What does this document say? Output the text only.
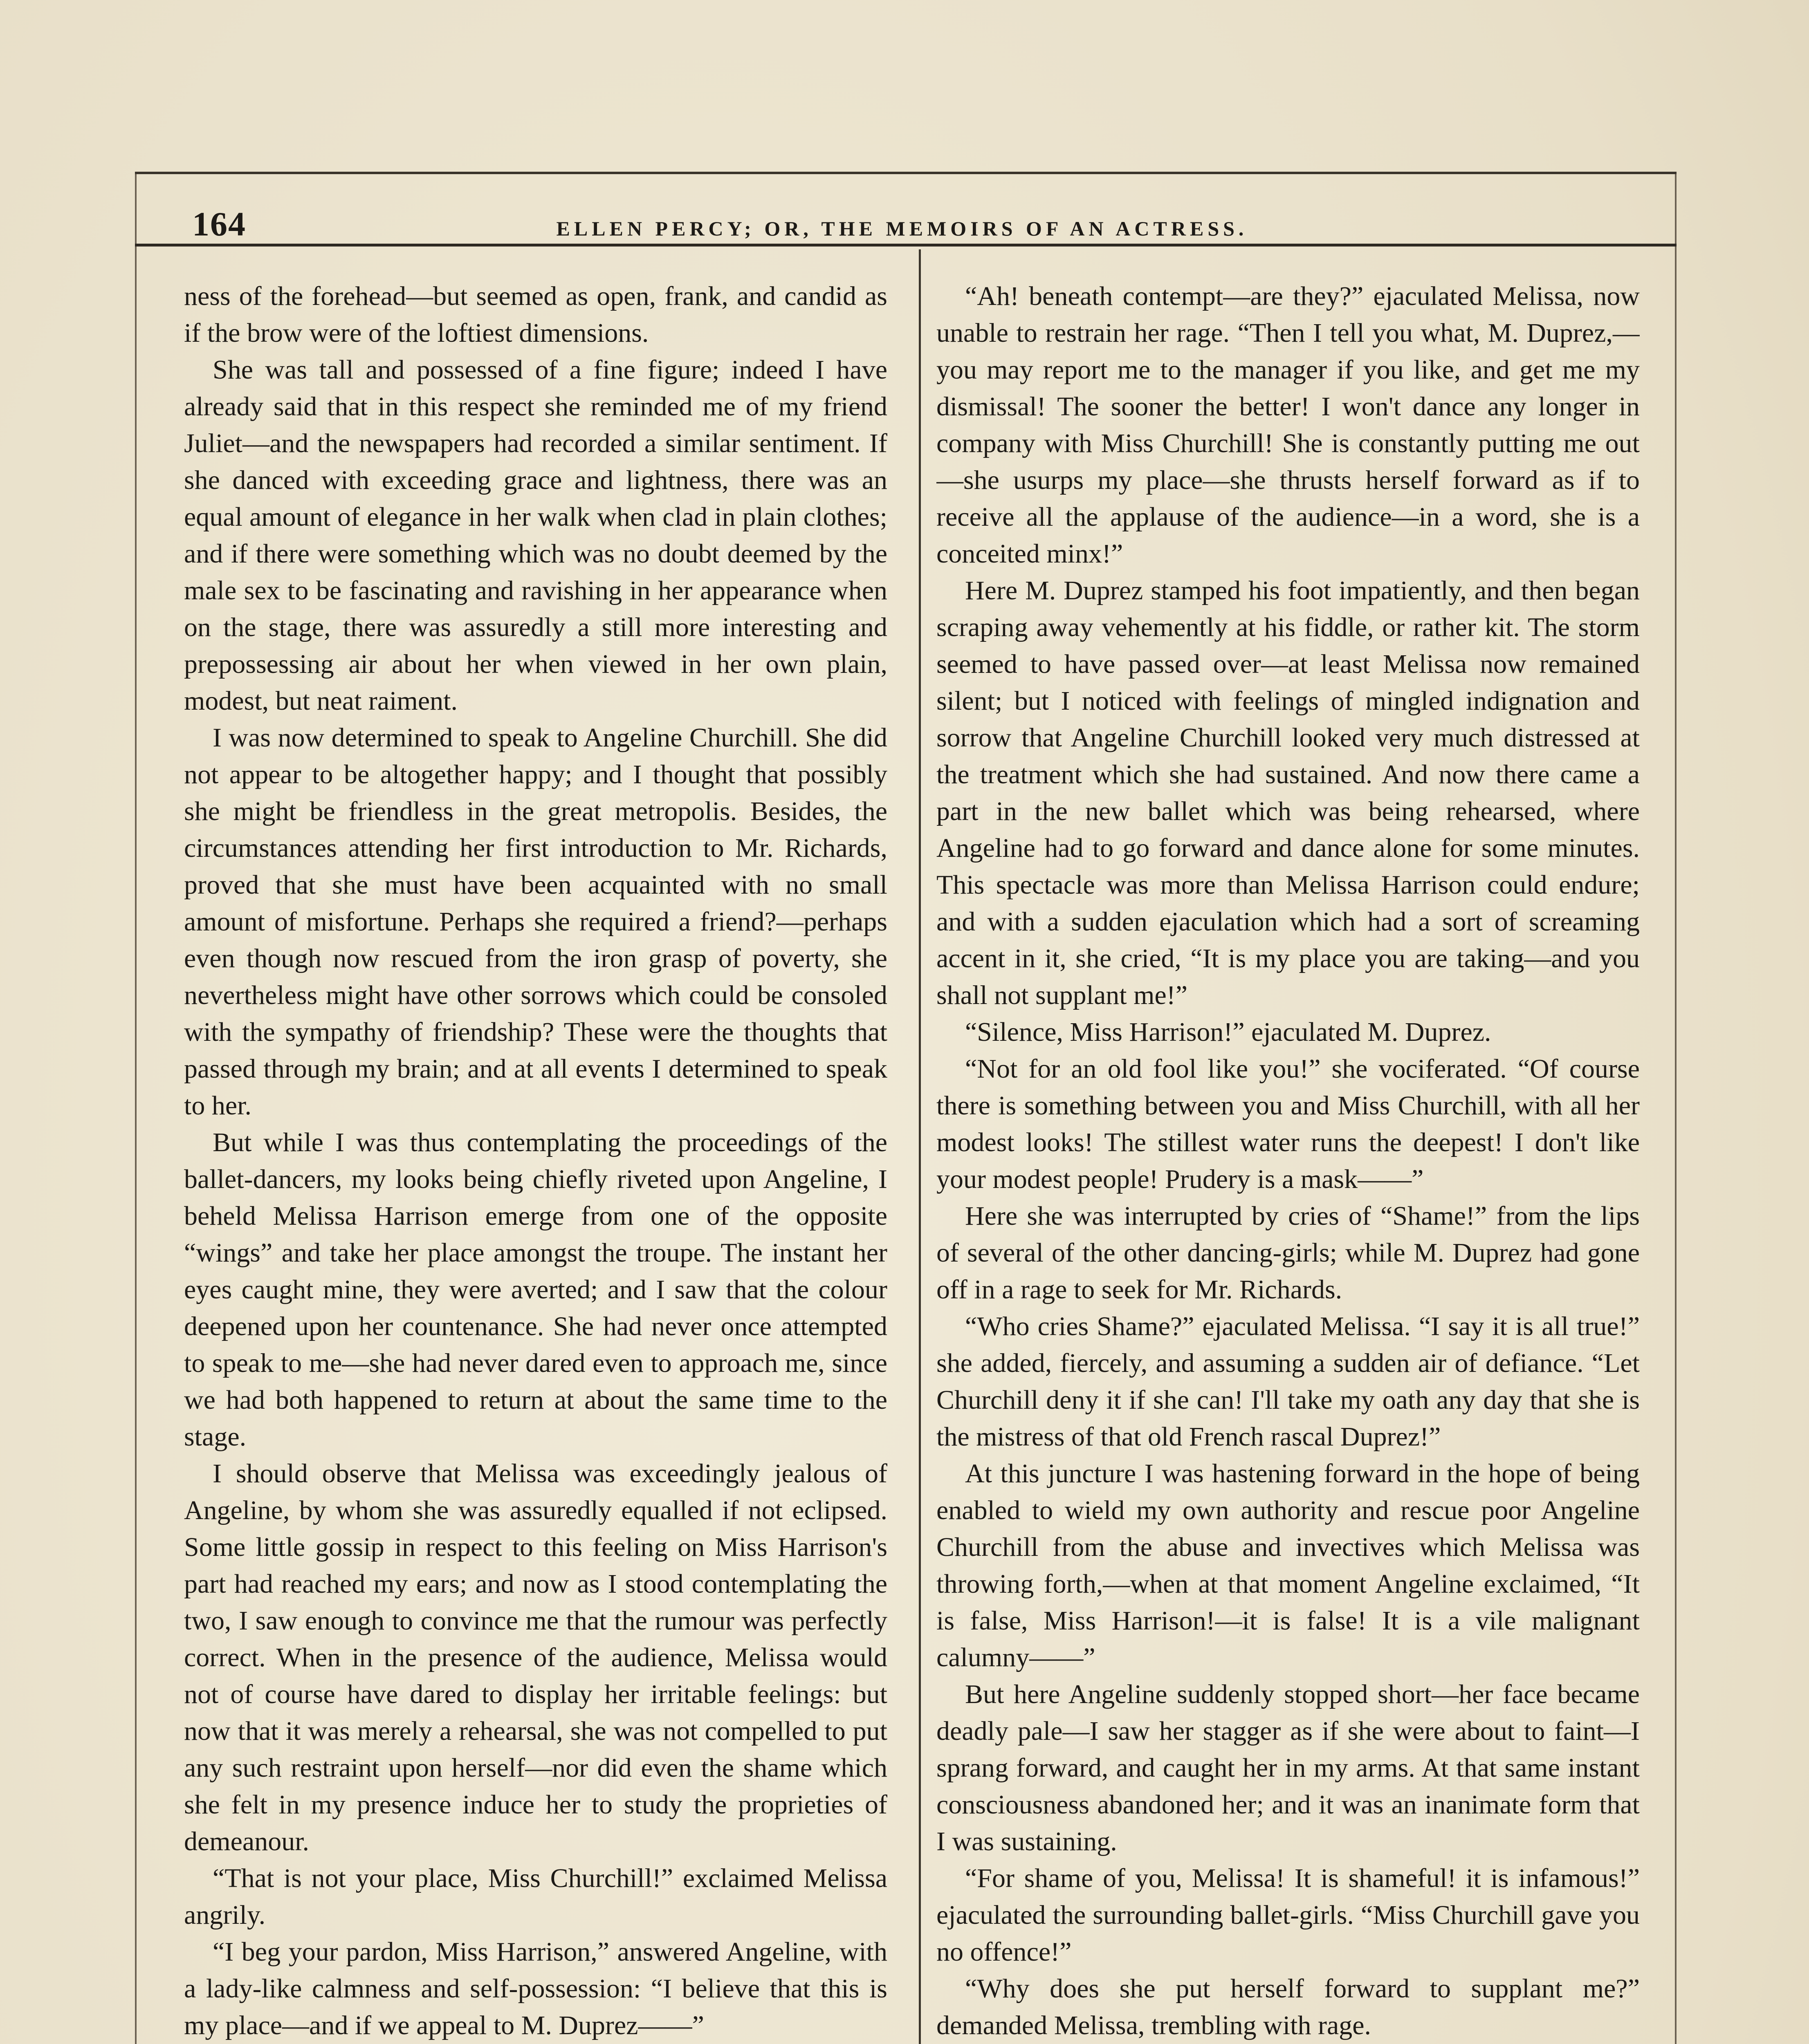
164	ELLEN PERCY; OR, THE MEMOIRS OF AN ACTRESS.

ness of the forehead—but seemed as open, frank, and candid as if the brow were of the loftiest dimensions.

She was tall and possessed of a fine figure; indeed I have already said that in this respect she reminded me of my friend Juliet—and the newspapers had recorded a similar sentiment. If she danced with exceeding grace and lightness, there was an equal amount of elegance in her walk when clad in plain clothes; and if there were something which was no doubt deemed by the male sex to be fascinating and ravishing in her appearance when on the stage, there was assuredly a still more interesting and prepossessing air about her when viewed in her own plain, modest, but neat raiment.

I was now determined to speak to Angeline Churchill. She did not appear to be altogether happy; and I thought that possibly she might be friendless in the great metropolis. Besides, the circumstances attending her first introduction to Mr. Richards, proved that she must have been acquainted with no small amount of misfortune. Perhaps she required a friend?—perhaps even though now rescued from the iron grasp of poverty, she nevertheless might have other sorrows which could be consoled with the sympathy of friendship? These were the thoughts that passed through my brain; and at all events I determined to speak to her.

But while I was thus contemplating the proceedings of the ballet-dancers, my looks being chiefly riveted upon Angeline, I beheld Melissa Harrison emerge from one of the opposite “wings” and take her place amongst the troupe. The instant her eyes caught mine, they were averted; and I saw that the colour deepened upon her countenance. She had never once attempted to speak to me—she had never dared even to approach me, since we had both happened to return at about the same time to the stage.

I should observe that Melissa was exceedingly jealous of Angeline, by whom she was assuredly equalled if not eclipsed. Some little gossip in respect to this feeling on Miss Harrison's part had reached my ears; and now as I stood contemplating the two, I saw enough to convince me that the rumour was perfectly correct. When in the presence of the audience, Melissa would not of course have dared to display her irritable feelings: but now that it was merely a rehearsal, she was not compelled to put any such restraint upon herself—nor did even the shame which she felt in my presence induce her to study the proprieties of demeanour.

“That is not your place, Miss Churchill!” exclaimed Melissa angrily.

“I beg your pardon, Miss Harrison,” answered Angeline, with a lady-like calmness and self-possession: “I believe that this is my place—and if we appeal to M. Duprez——”

“Ah! beneath contempt—are they?” ejaculated Melissa, now unable to restrain her rage. “Then I tell you what, M. Duprez,—you may report me to the manager if you like, and get me my dismissal! The sooner the better! I won't dance any longer in company with Miss Churchill! She is constantly putting me out—she usurps my place—she thrusts herself forward as if to receive all the applause of the audience—in a word, she is a conceited minx!”

Here M. Duprez stamped his foot impatiently, and then began scraping away vehemently at his fiddle, or rather kit. The storm seemed to have passed over—at least Melissa now remained silent; but I noticed with feelings of mingled indignation and sorrow that Angeline Churchill looked very much distressed at the treatment which she had sustained. And now there came a part in the new ballet which was being rehearsed, where Angeline had to go forward and dance alone for some minutes. This spectacle was more than Melissa Harrison could endure; and with a sudden ejaculation which had a sort of screaming accent in it, she cried, “It is my place you are taking—and you shall not supplant me!”

“Silence, Miss Harrison!” ejaculated M. Duprez.

“Not for an old fool like you!” she vociferated. “Of course there is something between you and Miss Churchill, with all her modest looks! The stillest water runs the deepest! I don't like your modest people! Prudery is a mask——”

Here she was interrupted by cries of “Shame!” from the lips of several of the other dancing-girls; while M. Duprez had gone off in a rage to seek for Mr. Richards.

“Who cries Shame?” ejaculated Melissa. “I say it is all true!” she added, fiercely, and assuming a sudden air of defiance. “Let Churchill deny it if she can! I'll take my oath any day that she is the mistress of that old French rascal Duprez!”

At this juncture I was hastening forward in the hope of being enabled to wield my own authority and rescue poor Angeline Churchill from the abuse and invectives which Melissa was throwing forth,—when at that moment Angeline exclaimed, “It is false, Miss Harrison!—it is false! It is a vile malignant calumny——”

But here Angeline suddenly stopped short—her face became deadly pale—I saw her stagger as if she were about to faint—I sprang forward, and caught her in my arms. At that same instant consciousness abandoned her; and it was an inanimate form that I was sustaining.

“For shame of you, Melissa! It is shameful! it is infamous!” ejaculated the surrounding ballet-girls. “Miss Churchill gave you no offence!”

“Why does she put herself forward to supplant me?” demanded Melissa, trembling with rage.
